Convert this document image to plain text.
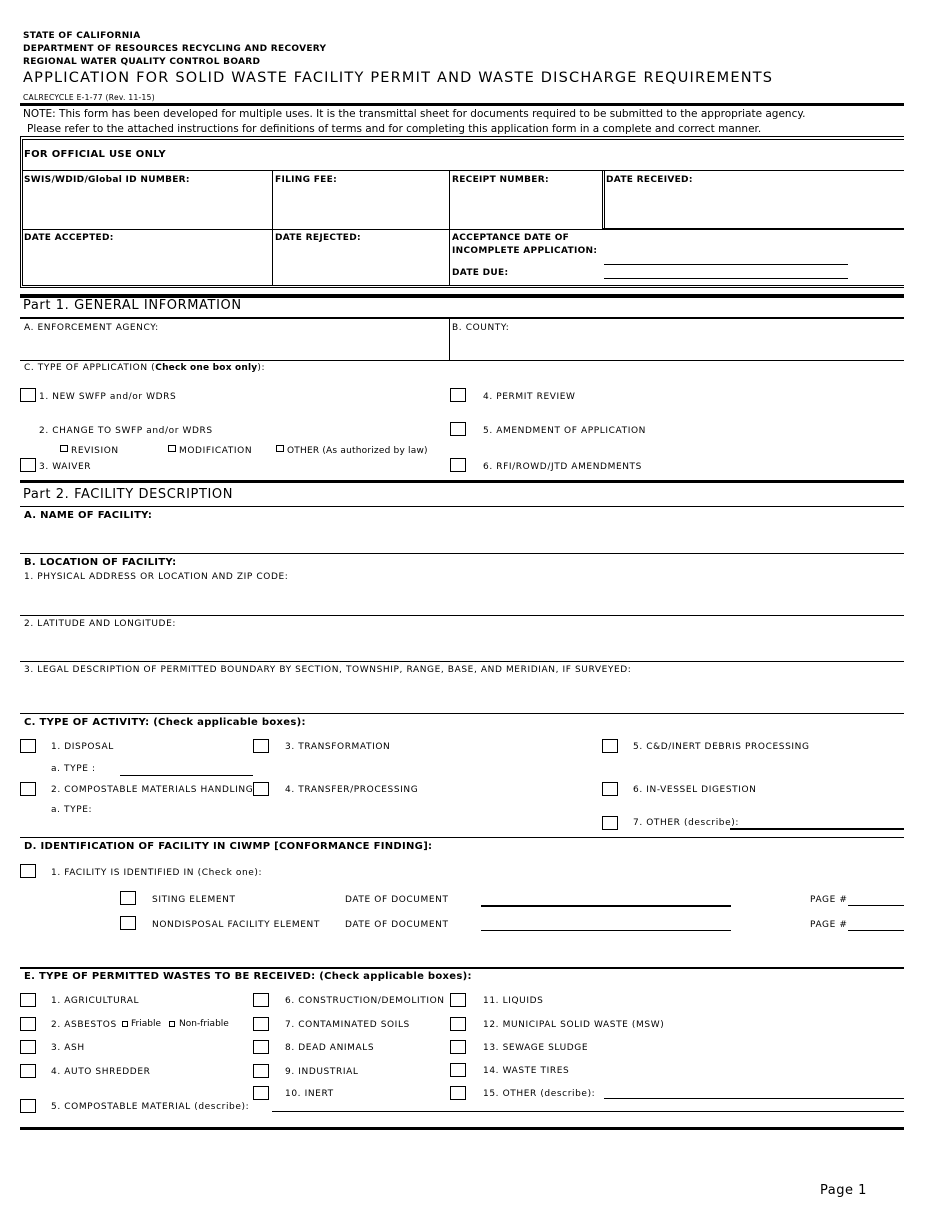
STATE OF CALIFORNIA
DEPARTMENT OF RESOURCES RECYCLING AND RECOVERY
REGIONAL WATER QUALITY CONTROL BOARD
APPLICATION FOR SOLID WASTE FACILITY PERMIT AND WASTE DISCHARGE REQUIREMENTS
CALRECYCLE E-1-77 (Rev. 11-15)
NOTE: This form has been developed for multiple uses. It is the transmittal sheet for documents required to be submitted to the appropriate agency.
Please refer to the attached instructions for definitions of terms and for completing this application form in a complete and correct manner.
FOR OFFICIAL USE ONLY
SWIS/WDID/Global ID NUMBER:	FILING FEE:	RECEIPT NUMBER:	DATE RECEIVED:
DATE ACCEPTED:	DATE REJECTED:	ACCEPTANCE DATE OF
INCOMPLETE APPLICATION:
DATE DUE:
Part 1. GENERAL INFORMATION
A. ENFORCEMENT AGENCY:	B. COUNTY:
C. TYPE OF APPLICATION (Check one box only):
1. NEW SWFP and/or WDRS
2. CHANGE TO SWFP and/or WDRS
REVISION	MODIFICATION	OTHER (As authorized by law)
3. WAIVER
4. PERMIT REVIEW
5. AMENDMENT OF APPLICATION
6. RFI/ROWD/JTD AMENDMENTS
Part 2. FACILITY DESCRIPTION
A. NAME OF FACILITY:
B. LOCATION OF FACILITY:
1. PHYSICAL ADDRESS OR LOCATION AND ZIP CODE:
2. LATITUDE AND LONGITUDE:
3. LEGAL DESCRIPTION OF PERMITTED BOUNDARY BY SECTION, TOWNSHIP, RANGE, BASE, AND MERIDIAN, IF SURVEYED:
C. TYPE OF ACTIVITY: (Check applicable boxes):
1. DISPOSAL
a. TYPE :
2. COMPOSTABLE MATERIALS HANDLING
a. TYPE:
3. TRANSFORMATION
4. TRANSFER/PROCESSING
5. C&D/INERT DEBRIS PROCESSING
6. IN-VESSEL DIGESTION
7. OTHER (describe):
D. IDENTIFICATION OF FACILITY IN CIWMP [CONFORMANCE FINDING]:
1. FACILITY IS IDENTIFIED IN (Check one):
SITING ELEMENT	DATE OF DOCUMENT	PAGE #
NONDISPOSAL FACILITY ELEMENT	DATE OF DOCUMENT	PAGE #
E. TYPE OF PERMITTED WASTES TO BE RECEIVED: (Check applicable boxes):
1. AGRICULTURAL
2. ASBESTOS Friable Non-friable
3. ASH
4. AUTO SHREDDER
5. COMPOSTABLE MATERIAL (describe):
6. CONSTRUCTION/DEMOLITION
7. CONTAMINATED SOILS
8. DEAD ANIMALS
9. INDUSTRIAL
10. INERT
11. LIQUIDS
12. MUNICIPAL SOLID WASTE (MSW)
13. SEWAGE SLUDGE
14. WASTE TIRES
15. OTHER (describe):
Page 1
